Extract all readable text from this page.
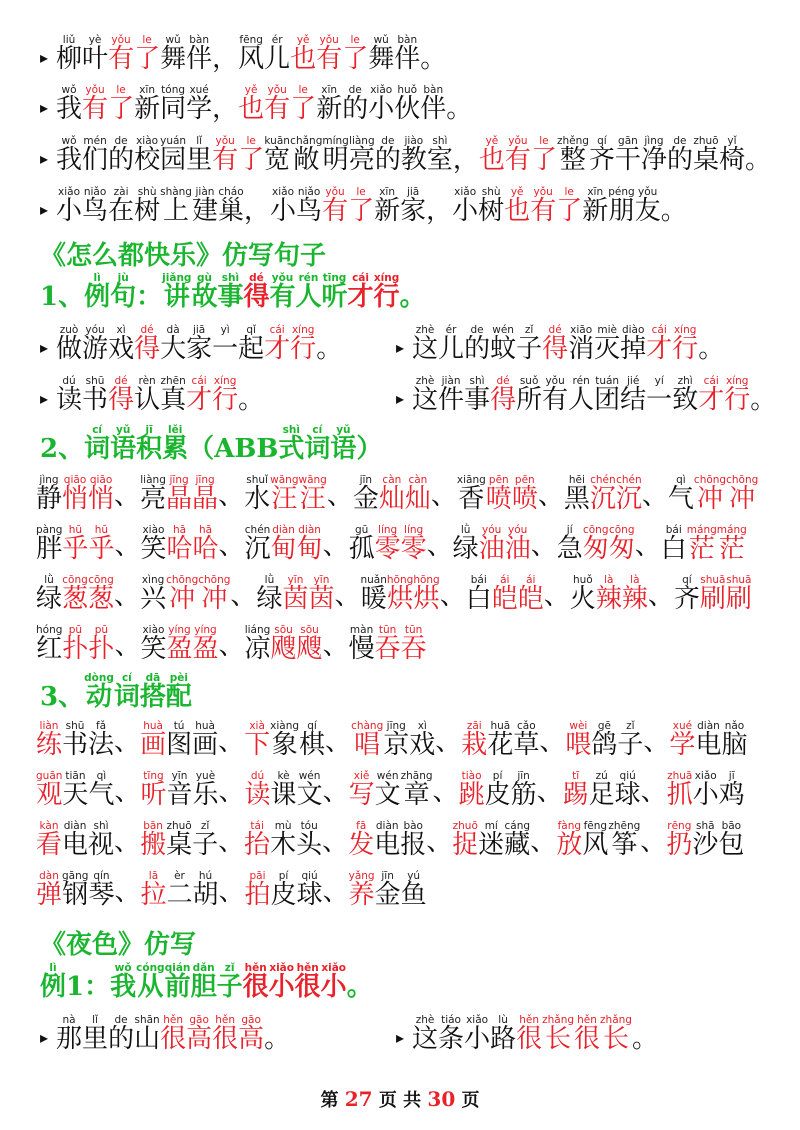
▸
liǔ
柳
yè
叶
yǒu
有
le
了
wǔ
舞
bàn
伴 ，
fēng
风
ér
儿
yě
也
yǒu
有
le
了
wǔ
舞
bàn
伴 。
▸
wǒ
我
yǒu
有
le
了
xīn
新
tóng
同
xué
学 ，
yě
也
yǒu
有
le
了
xīn
新
de
的
xiǎo
小
huǒ
伙
bàn
伴 。
▸
wǒ
我
mén
们
de
的
xiào
校
yuán
园
lǐ
里
yǒu
有
le
了
kuān
宽
chǎng
敞
míng
明
liàng
亮
de
的
jiào
教
shì
室 ，
yě
也
yǒu
有
le
了
zhěng
整
qí
齐
gān
干
jìng
净
de
的
zhuō
桌
yǐ
椅 。
▸
xiǎo
小
niǎo
鸟
zài
在
shù
树
shàng
上
jiàn
建
cháo
巢 ，
xiǎo
小
niǎo
鸟
yǒu
有
le
了
xīn
新
jiā
家 ，
xiǎo
小
shù
树
yě
也
yǒu
有
le
了
xīn
新
péng
朋
yǒu
友 。
《怎么都快乐》仿写句子
1 、
lì
例
jù
句 ：
jiǎng
讲
gù
故
shì
事
dé
得
yǒu
有
rén
人
tīng
听
cái
才
xíng
行 。
▸
zuò
做
yóu
游
xì
戏
dé
得
dà
大
jiā
家
yì
一
qǐ
起
cái
才
xíng
行 。	▸
zhè
这
ér
儿
de
的
wén
蚊
zǐ
子
dé
得
xiāo
消
miè
灭
diào
掉
cái
才
xíng
行 。
▸
dú
读
shū
书
dé
得
rèn
认
zhēn
真
cái
才
xíng
行 。	▸
zhè
这
jiàn
件
shì
事
dé
得
suǒ
所
yǒu
有
rén
人
tuán
团
jié
结
yí
一
zhì
致
cái
才
xíng
行 。
2 、
cí
词
yǔ
语
jī
积
lěi
累 （ ABB
shì
式
cí
词
yǔ
语 ）
jìng
静
qiāo
悄
qiāo
悄 、
liàng
亮
jīng
晶
jīng
晶 、
shuǐ
水
wāng
汪
wāng
汪 、
jīn
金
càn
灿
càn
灿 、
xiāng
香
pēn
喷
pēn
喷 、
hēi
黑
chén
沉
chén
沉 、
qì
气
chōng
冲
chōng
冲
pàng
胖
hū
乎
hū
乎 、
xiào
笑
hā
哈
hā
哈 、
chén
沉
diàn
甸
diàn
甸 、
gū
孤
líng
零
líng
零 、
lǜ
绿
yóu
油
yóu
油 、
jí
急
cōng
匆
cōng
匆 、
bái
白
máng
茫
máng
茫
lǜ
绿
cōng
葱
cōng
葱 、
xìng
兴
chōng
冲
chōng
冲 、
lǜ
绿
yīn
茵
yīn
茵 、
nuǎn
暖
hōng
烘
hōng
烘 、
bái
白
ái
皑
ái
皑 、
huǒ
火
là
辣
là
辣 、
qí
齐
shuā
刷
shuā
刷
hóng
红
pū
扑
pū
扑 、
xiào
笑
yíng
盈
yíng
盈 、
liáng
凉
sōu
飕
sōu
飕 、
màn
慢
tūn
吞
tūn
吞
3 、
dòng
动
cí
词
dā
搭
pèi
配
liàn
练
shū
书
fǎ
法 、
huà
画
tú
图
huà
画 、
xià
下
xiàng
象
qí
棋 、
chàng
唱
jīng
京
xì
戏 、
zāi
栽
huā
花
cǎo
草 、
wèi
喂
gē
鸽
zǐ
子 、
xué
学
diàn
电
nǎo
脑
guān
观
tiān
天
qì
气 、
tīng
听
yīn
音
yuè
乐 、
dú
读
kè
课
wén
文 、
xiě
写
wén
文
zhāng
章 、
tiào
跳
pí
皮
jīn
筋 、
tī
踢
zú
足
qiú
球 、
zhuā
抓
xiǎo
小
jī
鸡
kàn
看
diàn
电
shì
视 、
bān
搬
zhuō
桌
zǐ
子 、
tái
抬
mù
木
tóu
头 、
fā
发
diàn
电
bào
报 、
zhuō
捉
mí
迷
cáng
藏 、
fàng
放
fēng
风
zhēng
筝 、
rēng
扔
shā
沙
bāo
包
dàn
弹
gāng
钢
qín
琴 、
lā
拉
èr
二
hú
胡 、
pāi
拍
pí
皮
qiú
球 、
yǎng
养
jīn
金
yú
鱼
《夜色》仿写
lì
例 1 ：
wǒ
我
cóng
从
qián
前
dǎn
胆
zǐ
子
hěn
很
xiǎo
小
hěn
很
xiǎo
小 。
▸
nà
那
lǐ
里
de
的
shān
山
hěn
很
gāo
高
hěn
很
gāo
高 。	▸
zhè
这
tiáo
条
xiǎo
小
lù
路
hěn
很
zhǎng
长
hěn
很
zhǎng
长 。
第 27 页 共 30 页
